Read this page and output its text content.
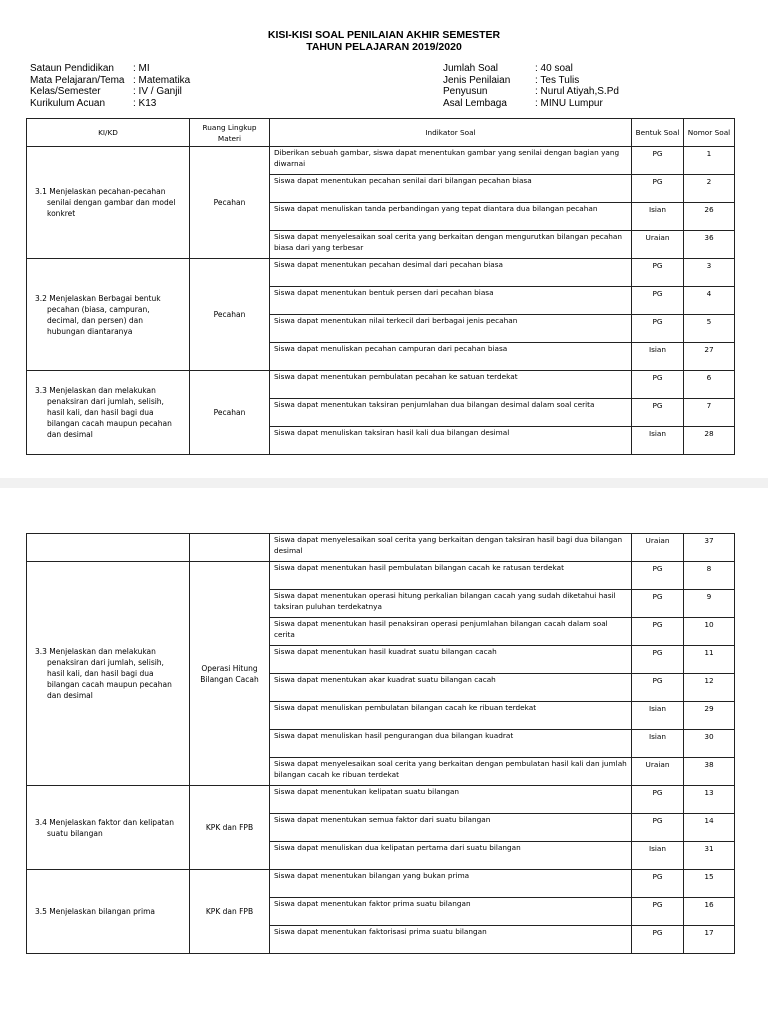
KISI-KISI SOAL PENILAIAN AKHIR SEMESTER
TAHUN PELAJARAN 2019/2020
Sataun Pendidikan	: MI
Mata Pelajaran/Tema : Matematika
Kelas/Semester	: IV / Ganjil
Kurikulum Acuan	: K13
Jumlah Soal	: 40 soal
Jenis Penilaian	: Tes Tulis
Penyusun	: Nurul Atiyah,S.Pd
Asal Lembaga	: MINU Lumpur
KI/KD	Ruang Lingkup Materi	Indikator Soal	Bentuk Soal	Nomor Soal

3.1 Menjelaskan pecahan-pecahan senilai dengan gambar dan model konkret	Pecahan	Diberikan sebuah gambar, siswa dapat menentukan gambar yang senilai dengan bagian yang diwarnai	PG	1
		Siswa dapat menentukan pecahan senilai dari bilangan pecahan biasa	PG	2
		Siswa dapat menuliskan tanda perbandingan yang tepat diantara dua bilangan pecahan	Isian	26
		Siswa dapat menyelesaikan soal cerita yang berkaitan dengan mengurutkan bilangan pecahan biasa dari yang terbesar	Uraian	36

3.2 Menjelaskan Berbagai bentuk pecahan (biasa, campuran, decimal, dan persen) dan hubungan diantaranya	Pecahan	Siswa dapat menentukan pecahan desimal dari pecahan biasa	PG	3
		Siswa dapat menentukan bentuk persen dari pecahan biasa	PG	4
		Siswa dapat menentukan nilai terkecil dari berbagai jenis pecahan	PG	5
		Siswa dapat menuliskan pecahan campuran dari pecahan biasa	Isian	27

3.3 Menjelaskan dan melakukan penaksiran dari jumlah, selisih, hasil kali, dan hasil bagi dua bilangan cacah maupun pecahan dan desimal	Pecahan	Siswa dapat menentukan pembulatan pecahan ke satuan terdekat	PG	6
		Siswa dapat menentukan taksiran penjumlahan dua bilangan desimal dalam soal cerita	PG	7
		Siswa dapat menuliskan taksiran hasil kali dua bilangan desimal	Isian	28
		Siswa dapat menyelesaikan soal cerita yang berkaitan dengan taksiran hasil bagi dua bilangan desimal	Uraian	37

3.3 Menjelaskan dan melakukan penaksiran dari jumlah, selisih, hasil kali, dan hasil bagi dua bilangan cacah maupun pecahan dan desimal	Operasi Hitung Bilangan Cacah	Siswa dapat menentukan hasil pembulatan bilangan cacah ke ratusan terdekat	PG	8
		Siswa dapat menentukan operasi hitung perkalian bilangan cacah yang sudah diketahui hasil taksiran puluhan terdekatnya	PG	9
		Siswa dapat menentukan hasil penaksiran operasi penjumlahan bilangan cacah dalam soal cerita	PG	10
		Siswa dapat menentukan hasil kuadrat suatu bilangan cacah	PG	11
		Siswa dapat menentukan akar kuadrat suatu bilangan cacah	PG	12
		Siswa dapat menuliskan pembulatan bilangan cacah ke ribuan terdekat	Isian	29
		Siswa dapat menuliskan hasil pengurangan dua bilangan kuadrat	Isian	30
		Siswa dapat menyelesaikan soal cerita yang berkaitan dengan pembulatan hasil kali dan jumlah bilangan cacah ke ribuan terdekat	Uraian	38

3.4 Menjelaskan faktor dan kelipatan suatu bilangan	KPK dan FPB	Siswa dapat menentukan kelipatan suatu bilangan	PG	13
		Siswa dapat menentukan semua faktor dari suatu bilangan	PG	14
		Siswa dapat menuliskan dua kelipatan pertama dari suatu bilangan	Isian	31

3.5 Menjelaskan bilangan prima	KPK dan FPB	Siswa dapat menentukan bilangan yang bukan prima	PG	15
		Siswa dapat menentukan faktor prima suatu bilangan	PG	16
		Siswa dapat menentukan faktorisasi prima suatu bilangan	PG	17
